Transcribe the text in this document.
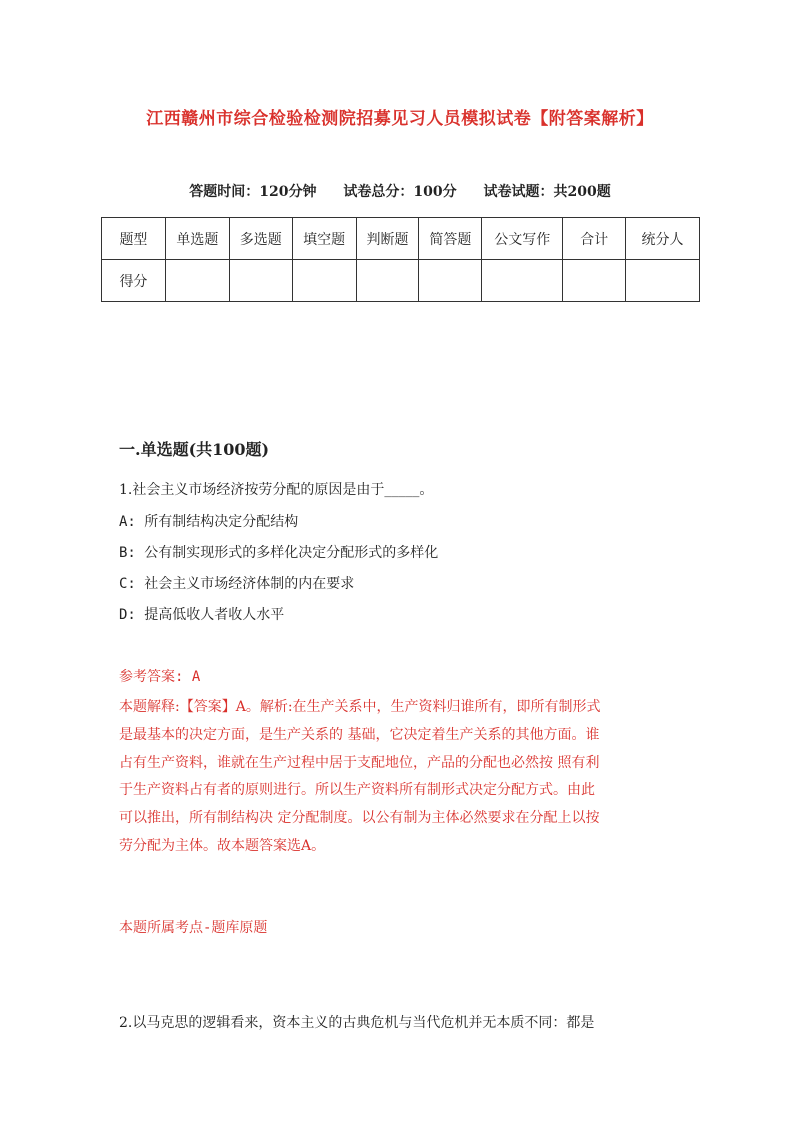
江西赣州市综合检验检测院招募见习人员模拟试卷【附答案解析】
答题时间：120分钟 试卷总分：100分 试卷试题：共200题
题型	单选题	多选题	填空题	判断题	简答题	公文写作	合计	统分人
得分								
一.单选题(共100题)
1.社会主义市场经济按劳分配的原因是由于_____。
A: 所有制结构决定分配结构
B: 公有制实现形式的多样化决定分配形式的多样化
C: 社会主义市场经济体制的内在要求
D: 提高低收人者收人水平
参考答案: A
本题解释:【答案】A。解析:在生产关系中，生产资料归谁所有，即所有制形式
是最基本的决定方面，是生产关系的 基础，它决定着生产关系的其他方面。谁
占有生产资料，谁就在生产过程中居于支配地位，产品的分配也必然按 照有利
于生产资料占有者的原则进行。所以生产资料所有制形式决定分配方式。由此
可以推出，所有制结构决 定分配制度。以公有制为主体必然要求在分配上以按
劳分配为主体。故本题答案选A。
本题所属考点-题库原题
2.以马克思的逻辑看来，资本主义的古典危机与当代危机并无本质不同：都是
